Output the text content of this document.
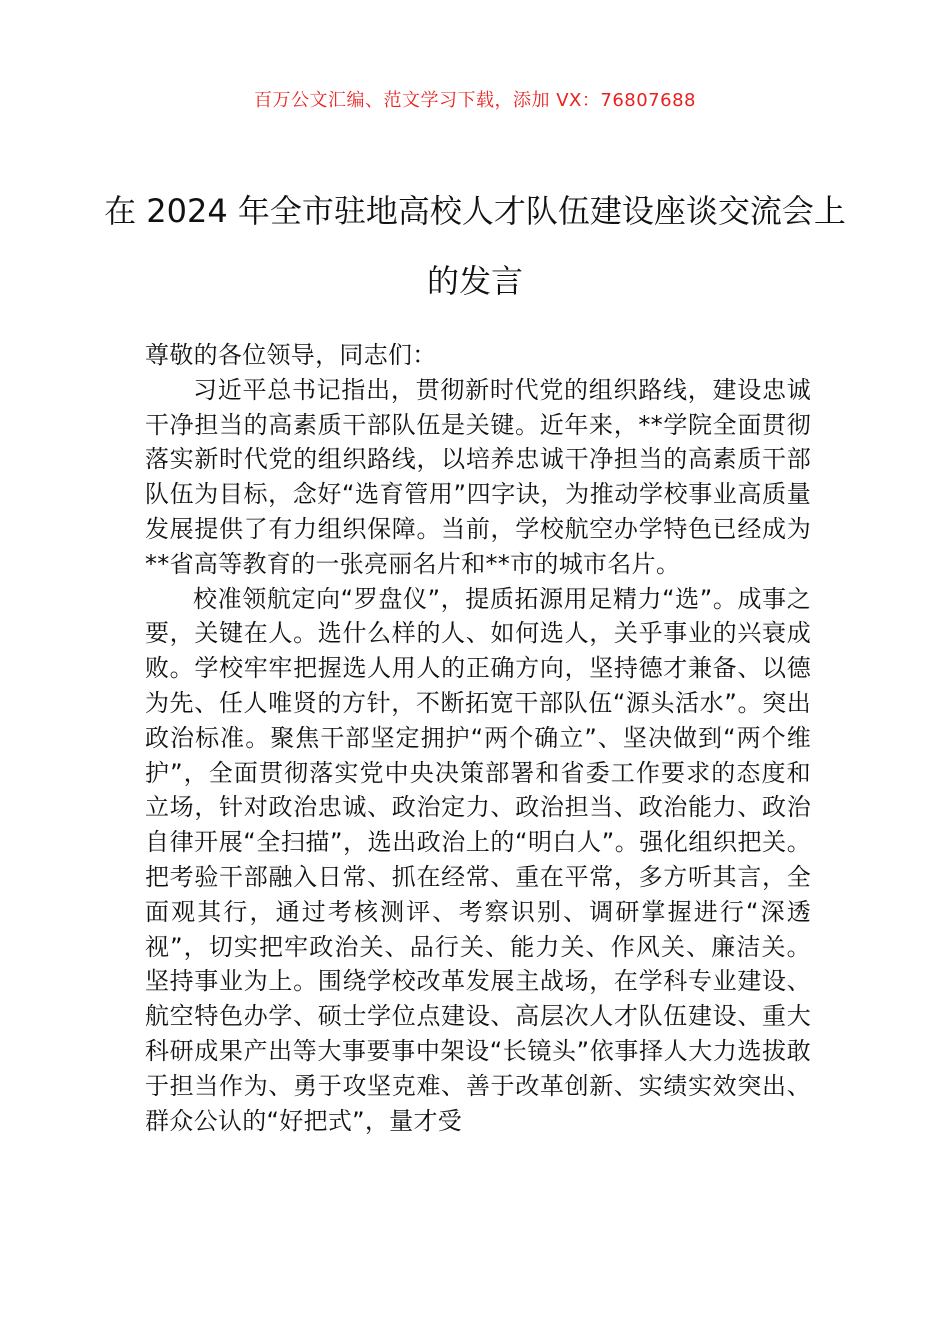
百万公文汇编、范文学习下载，添加 VX：76807688
在 2024 年全市驻地高校人才队伍建设座谈交流会上的发言

尊敬的各位领导，同志们：

习近平总书记指出，贯彻新时代党的组织路线，建设忠诚干净担当的高素质干部队伍是关键。近年来，**学院全面贯彻落实新时代党的组织路线，以培养忠诚干净担当的高素质干部队伍为目标，念好“选育管用”四字诀，为推动学校事业高质量发展提供了有力组织保障。当前，学校航空办学特色已经成为**省高等教育的一张亮丽名片和**市的城市名片。

校准领航定向“罗盘仪”，提质拓源用足精力“选”。成事之要，关键在人。选什么样的人、如何选人，关乎事业的兴衰成败。学校牢牢把握选人用人的正确方向，坚持德才兼备、以德为先、任人唯贤的方针，不断拓宽干部队伍“源头活水”。突出政治标准。聚焦干部坚定拥护“两个确立”、坚决做到“两个维护”，全面贯彻落实党中央决策部署和省委工作要求的态度和立场，针对政治忠诚、政治定力、政治担当、政治能力、政治自律开展“全扫描”，选出政治上的“明白人”。强化组织把关。把考验干部融入日常、抓在经常、重在平常，多方听其言，全面观其行，通过考核测评、考察识别、调研掌握进行“深透视”，切实把牢政治关、品行关、能力关、作风关、廉洁关。坚持事业为上。围绕学校改革发展主战场，在学科专业建设、航空特色办学、硕士学位点建设、高层次人才队伍建设、重大科研成果产出等大事要事中架设“长镜头”依事择人大力选拔敢于担当作为、勇于攻坚克难、善于改革创新、实绩实效突出、群众公认的“好把式”，量才受
